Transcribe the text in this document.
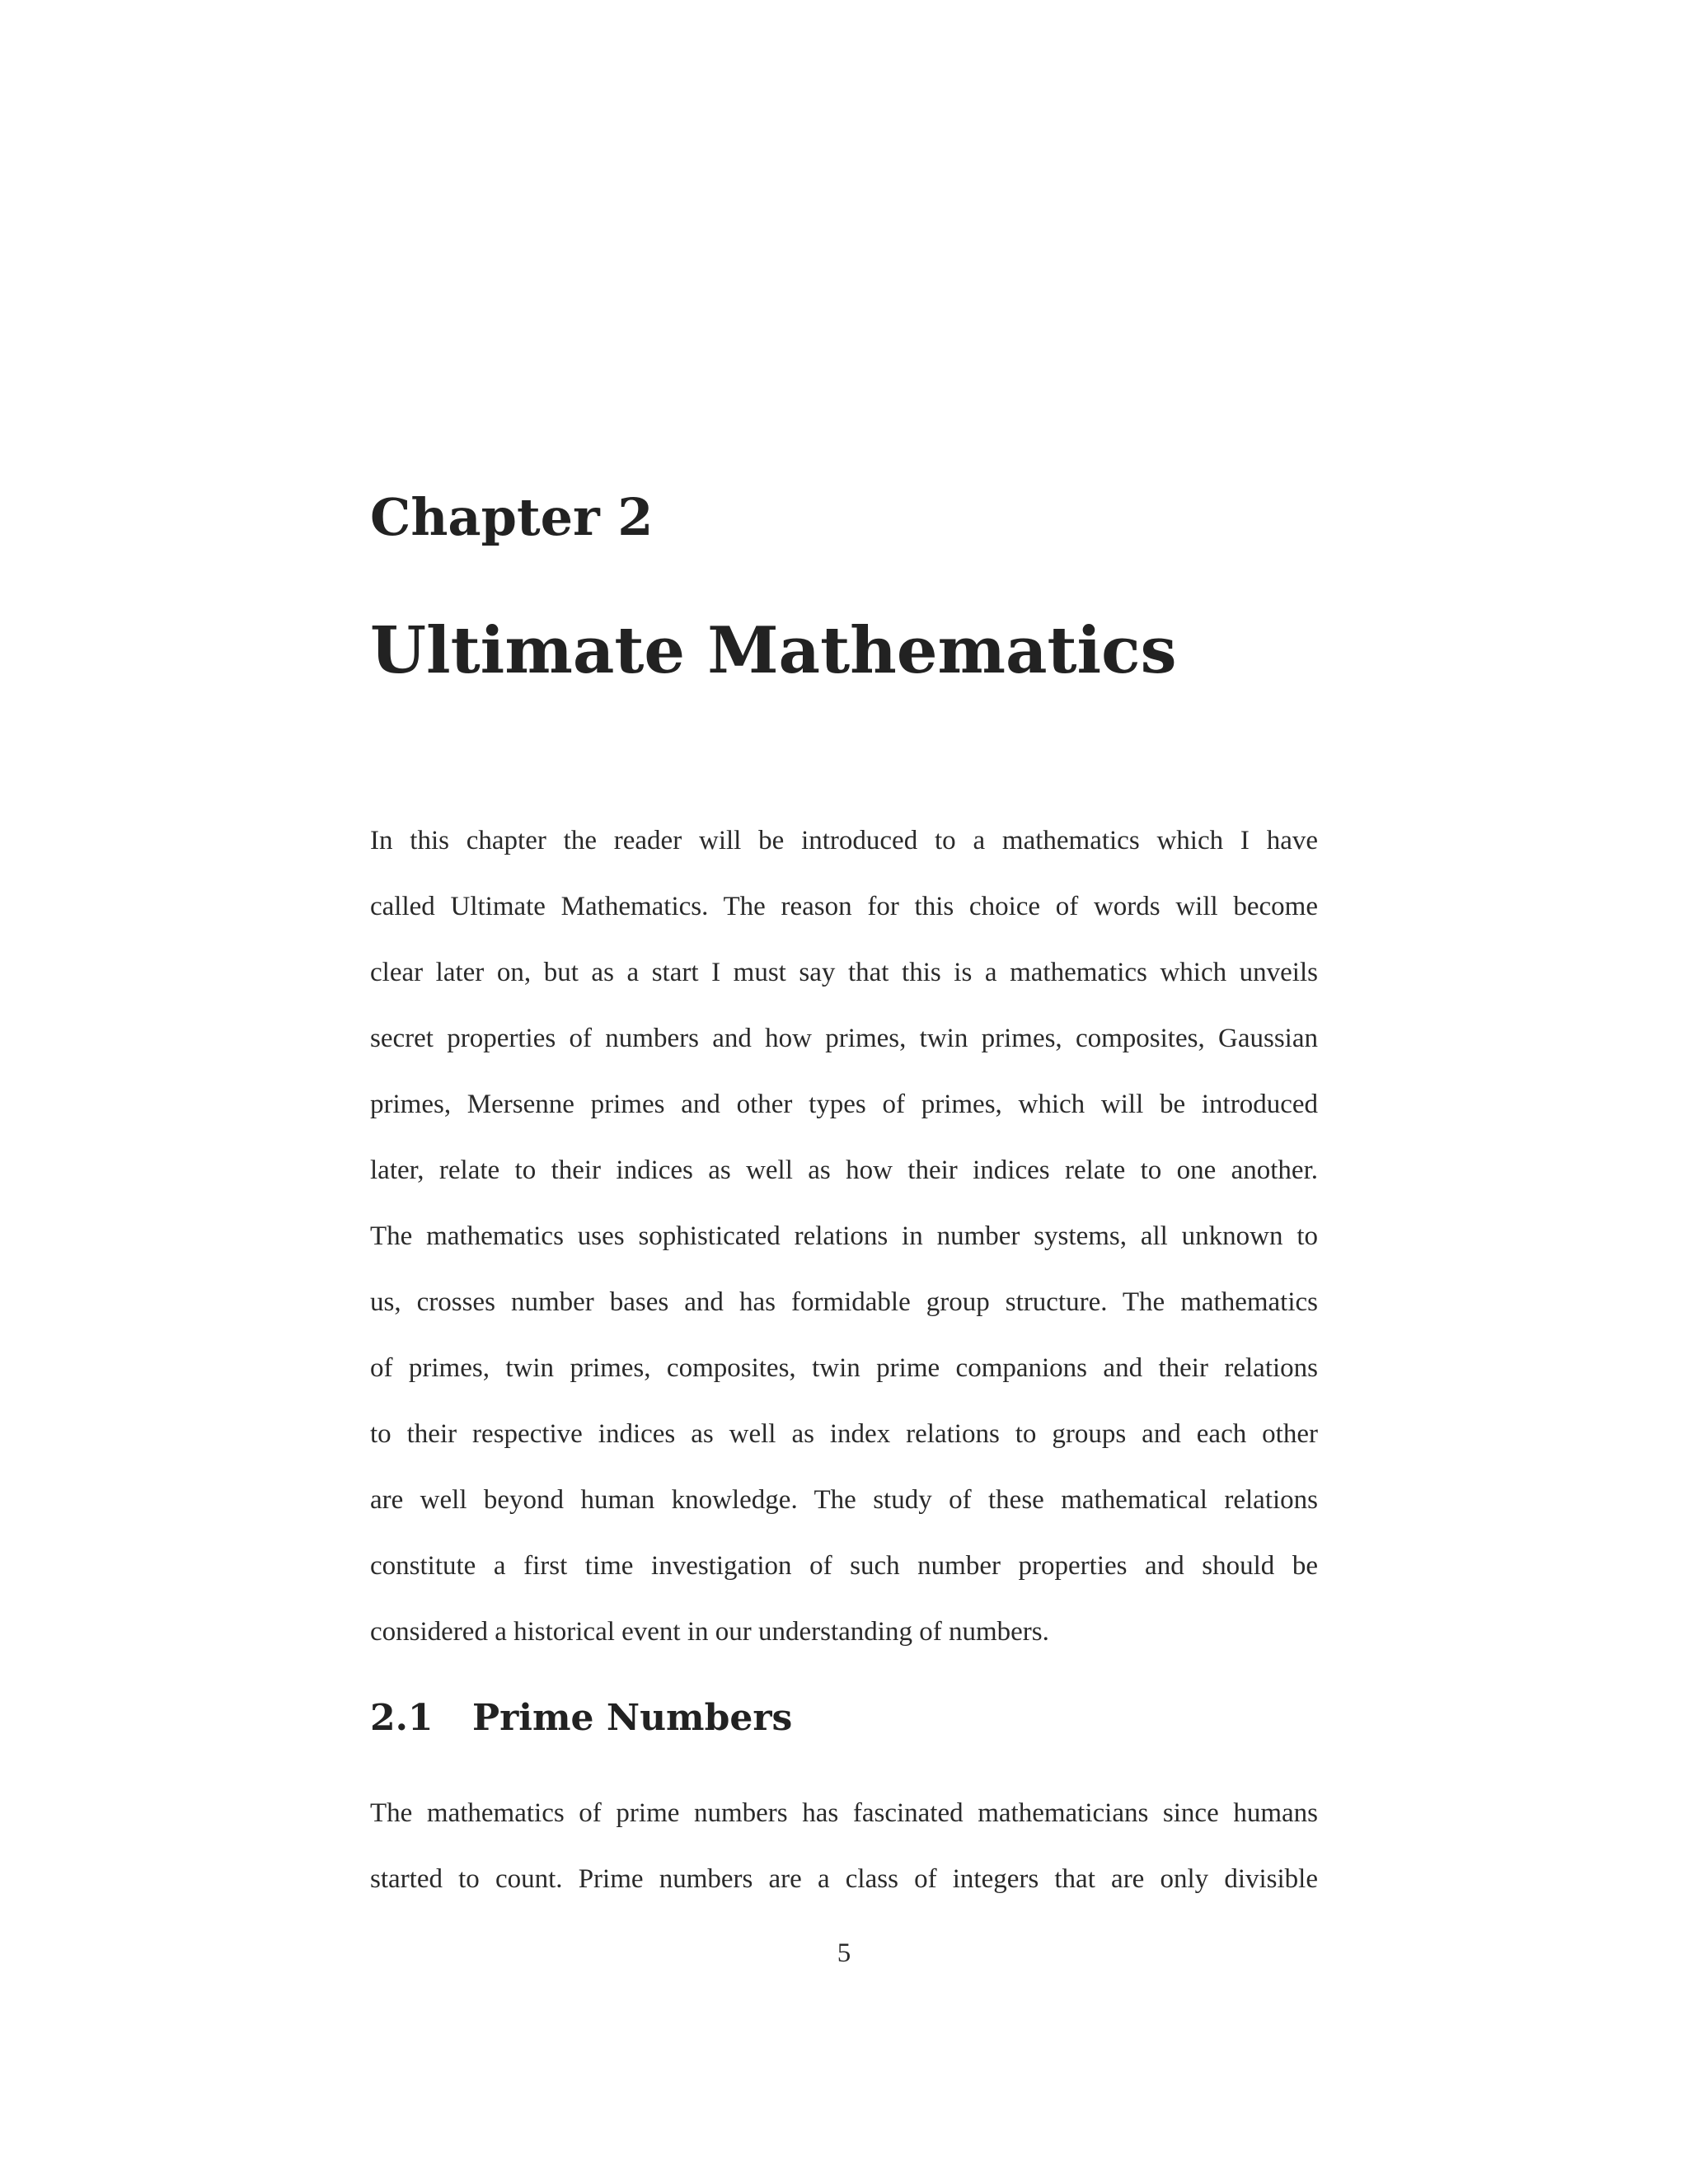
Chapter 2
Ultimate Mathematics
In this chapter the reader will be introduced to a mathematics which I have
called Ultimate Mathematics. The reason for this choice of words will become
clear later on, but as a start I must say that this is a mathematics which unveils
secret properties of numbers and how primes, twin primes, composites, Gaussian
primes, Mersenne primes and other types of primes, which will be introduced
later, relate to their indices as well as how their indices relate to one another.
The mathematics uses sophisticated relations in number systems, all unknown to
us, crosses number bases and has formidable group structure. The mathematics
of primes, twin primes, composites, twin prime companions and their relations
to their respective indices as well as index relations to groups and each other
are well beyond human knowledge. The study of these mathematical relations
constitute a first time investigation of such number properties and should be
considered a historical event in our understanding of numbers.
2.1 Prime Numbers
The mathematics of prime numbers has fascinated mathematicians since humans
started to count. Prime numbers are a class of integers that are only divisible
5
